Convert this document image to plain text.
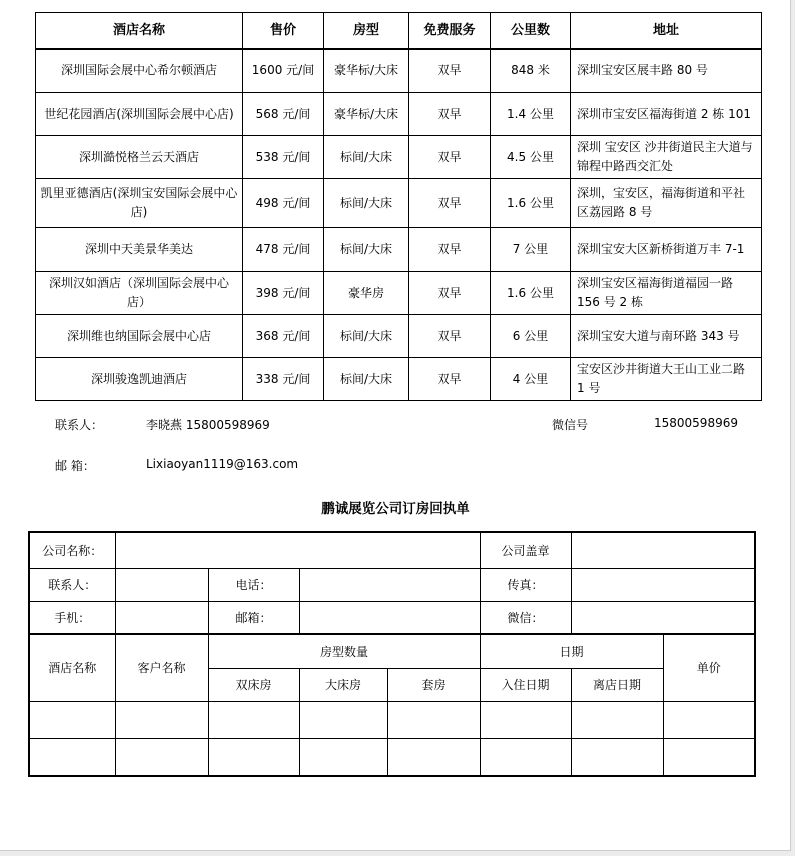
酒店名称	售价	房型	免费服务	公里数	地址
深圳国际会展中心希尔顿酒店	1600 元/间	豪华标/大床	双早	848 米	深圳宝安区展丰路 80 号
世纪花园酒店(深圳国际会展中心店)	568 元/间	豪华标/大床	双早	1.4 公里	深圳市宝安区福海街道 2 栋 101
深圳澔悦格兰云天酒店	538 元/间	标间/大床	双早	4.5 公里	深圳 宝安区 沙井街道民主大道与锦程中路西交汇处
凯里亚德酒店(深圳宝安国际会展中心店)	498 元/间	标间/大床	双早	1.6 公里	深圳，宝安区，福海街道和平社区荔园路 8 号
深圳中天美景华美达	478 元/间	标间/大床	双早	7 公里	深圳宝安大区新桥街道万丰 7-1
深圳汉如酒店（深圳国际会展中心店）	398 元/间	豪华房	双早	1.6 公里	深圳宝安区福海街道福园一路 156 号 2 栋
深圳维也纳国际会展中心店	368 元/间	标间/大床	双早	6 公里	深圳宝安大道与南环路 343 号
深圳骏逸凯迪酒店	338 元/间	标间/大床	双早	4 公里	宝安区沙井街道大王山工业二路 1 号
联系人：	李晓燕 15800598969	微信号	15800598969
邮 箱：	Lixiaoyan1119@163.com
鹏诚展览公司订房回执单
公司名称：					公司盖章		
联系人：		电话：			传真：		
手机：		邮箱：			微信：		
酒店名称	客户名称	房型数量			日期		单价
		双床房	大床房	套房	入住日期	离店日期	
